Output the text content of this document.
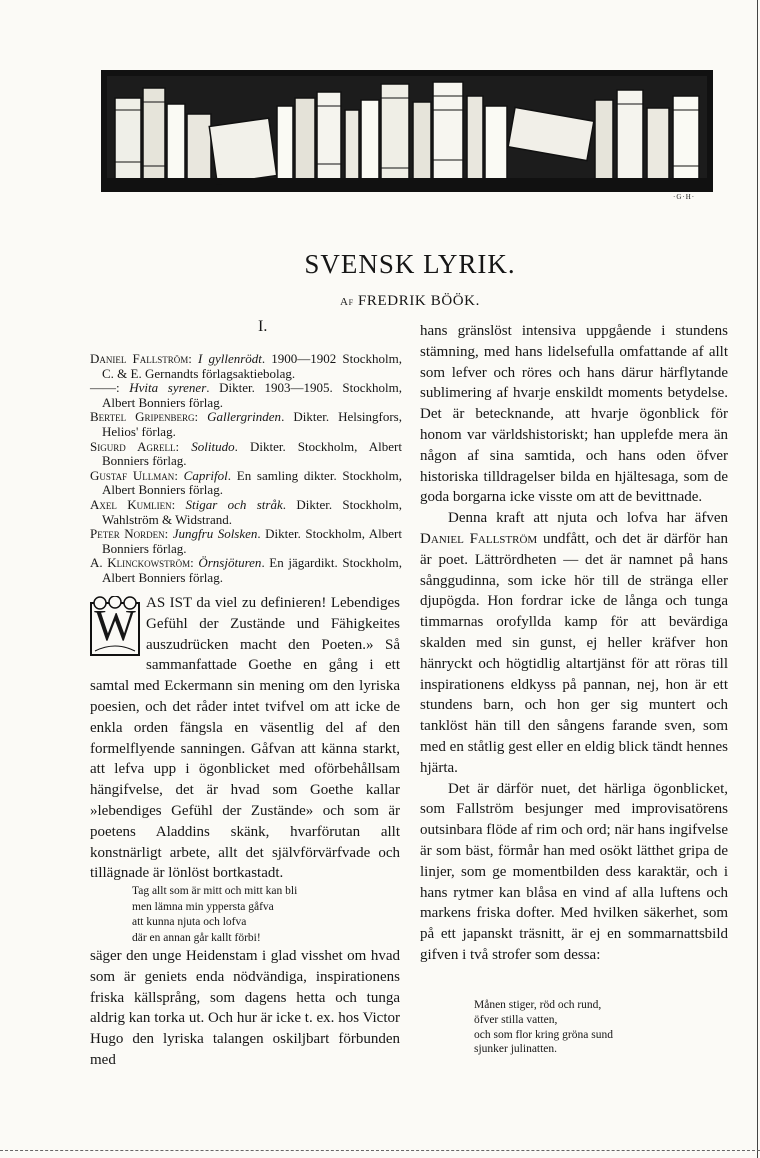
·G·H·
SVENSK LYRIK.
Af FREDRIK BÖÖK.
I.

Daniel Fallström: I gyllenrödt. 1900—1902 Stockholm, C. & E. Gernandts förlagsaktiebolag.

——: Hvita syrener. Dikter. 1903—1905. Stockholm, Albert Bonniers förlag.

Bertel Gripenberg: Gallergrinden. Dikter. Helsingfors, Helios' förlag.

Sigurd Agrell: Solitudo. Dikter. Stockholm, Albert Bonniers förlag.

Gustaf Ullman: Caprifol. En samling dikter. Stockholm, Albert Bonniers förlag.

Axel Kumlien: Stigar och stråk. Dikter. Stockholm, Wahlström & Widstrand.

Peter Norden: Jungfru Solsken. Dikter. Stockholm, Albert Bonniers förlag.

A. Klinckowström: Örnsjöturen. En jägardikt. Stockholm, Albert Bonniers förlag.

W AS IST da viel zu definieren! Lebendiges Gefühl der Zustände und Fähigkeites auszudrücken macht den Poeten.» Så sammanfattade Goethe en gång i ett samtal med Eckermann sin mening om den lyriska poesien, och det råder intet tvifvel om att icke de enkla orden fängsla en väsentlig del af den formelflyende sanningen. Gåfvan att känna starkt, att lefva upp i ögonblicket med oförbehållsam hängifvelse, det är hvad som Goethe kallar »lebendiges Gefühl der Zustände» och som är poetens Aladdins skänk, hvarförutan allt konstnärligt arbete, allt det självförvärfvade och tillägnade är lönlöst bortkastadt.

Tag allt som är mitt och mitt kan bli
men lämna min yppersta gåfva
att kunna njuta och lofva
där en annan går kallt förbi!

säger den unge Heidenstam i glad visshet om hvad som är geniets enda nödvändiga, inspirationens friska källsprång, som dagens hetta och tunga aldrig kan torka ut. Och hur är icke t. ex. hos Victor Hugo den lyriska talangen oskiljbart förbunden med

hans gränslöst intensiva uppgående i stundens stämning, med hans lidelsefulla omfattande af allt som lefver och röres och hans därur härflytande sublimering af hvarje enskildt moments betydelse. Det är betecknande, att hvarje ögonblick för honom var världshistoriskt; han upplefde mera än någon af sina samtida, och hans oden öfver historiska tilldragelser bilda en hjältesaga, som de goda borgarna icke visste om att de bevittnade.

Denna kraft att njuta och lofva har äfven Daniel Fallström undfått, och det är därför han är poet. Lättrördheten — det är namnet på hans sånggudinna, som icke hör till de stränga eller djupögda. Hon fordrar icke de långa och tunga timmarnas orofyllda kamp för att bevärdiga skalden med sin gunst, ej heller kräfver hon hänryckt och högtidlig altartjänst för att röras till inspirationens eldkyss på pannan, nej, hon är ett stundens barn, och hon ger sig muntert och tanklöst hän till den sångens farande sven, som med en ståtlig gest eller en eldig blick tändt hennes hjärta.

Det är därför nuet, det härliga ögonblicket, som Fallström besjunger med improvisatörens outsinbara flöde af rim och ord; när hans ingifvelse är som bäst, förmår han med osökt lätthet gripa de linjer, som ge momentbilden dess karaktär, och i hans rytmer kan blåsa en vind af alla luftens och markens friska dofter. Med hvilken säkerhet, som på ett japanskt träsnitt, är ej en sommarnattsbild gifven i två strofer som dessa:

Månen stiger, röd och rund,
öfver stilla vatten,
och som flor kring gröna sund
sjunker julinatten.
